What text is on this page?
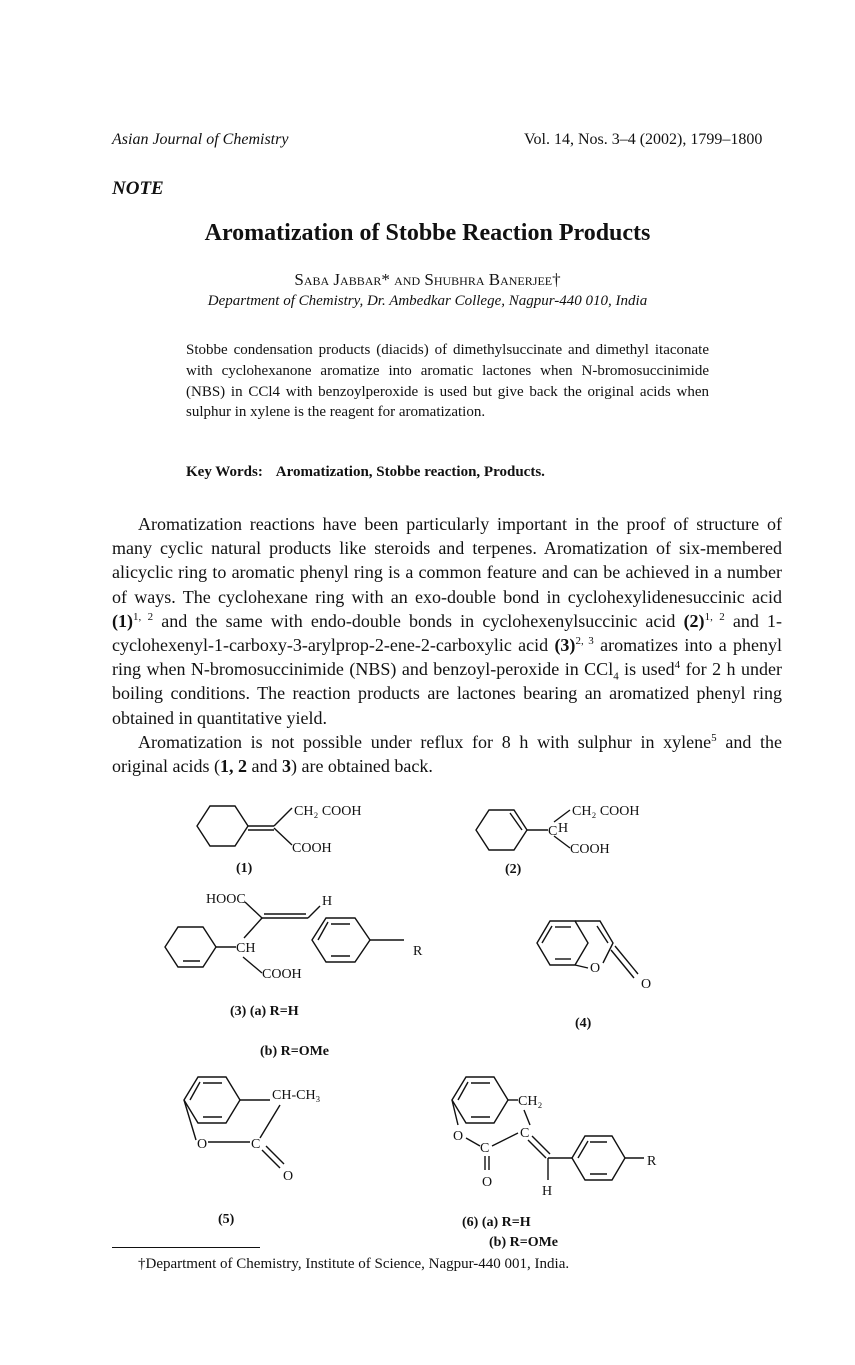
Asian Journal of Chemistry	Vol. 14, Nos. 3–4 (2002), 1799–1800
NOTE
Aromatization of Stobbe Reaction Products
Saba Jabbar* and Shubhra Banerjee†
Department of Chemistry, Dr. Ambedkar College, Nagpur-440 010, India
Stobbe condensation products (diacids) of dimethylsuccinate and dimethyl itaconate with cyclohexanone aromatize into aromatic lactones when N-bromosuccinimide (NBS) in CCl4 with benzoylperoxide is used but give back the original acids when sulphur in xylene is the reagent for aromatization.
Key Words: Aromatization, Stobbe reaction, Products.

Aromatization reactions have been particularly important in the proof of structure of many cyclic natural products like steroids and terpenes. Aromatization of six-membered alicyclic ring to aromatic phenyl ring is a common feature and can be achieved in a number of ways. The cyclohexane ring with an exo-double bond in cyclohexylidenesuccinic acid $(1)^{1, 2}$ and the same with endo-double bonds in cyclohexenylsuccinic acid $(2)^{1, 2}$ and 1-cyclohexenyl-1-carboxy-3-arylprop-2-ene-2-carboxylic acid $(3)^{2, 3}$ aromatizes into a phenyl ring when N-bromosuccinimide (NBS) and benzoyl-peroxide in CCl$_4$ is used$^4$ for 2 h under boiling conditions. The reaction products are lactones bearing an aromatized phenyl ring obtained in quantitative yield.

Aromatization is not possible under reflux for 8 h with sulphur in xylene$^5$ and the original acids (1, 2 and 3) are obtained back.

CH₂ COOH
COOH
(1)
C
CH₂ COOH
H
COOH
(2)
HOOC	H
CH
COOH
R
(3) (a) R=H
(b) R=OMe
O
O
(4)
CH-CH₃
O	C
O
(5)
CH₂
O
C
O
C
H
R
(6) (a) R=H
(b) R=OMe
†Department of Chemistry, Institute of Science, Nagpur-440 001, India.
